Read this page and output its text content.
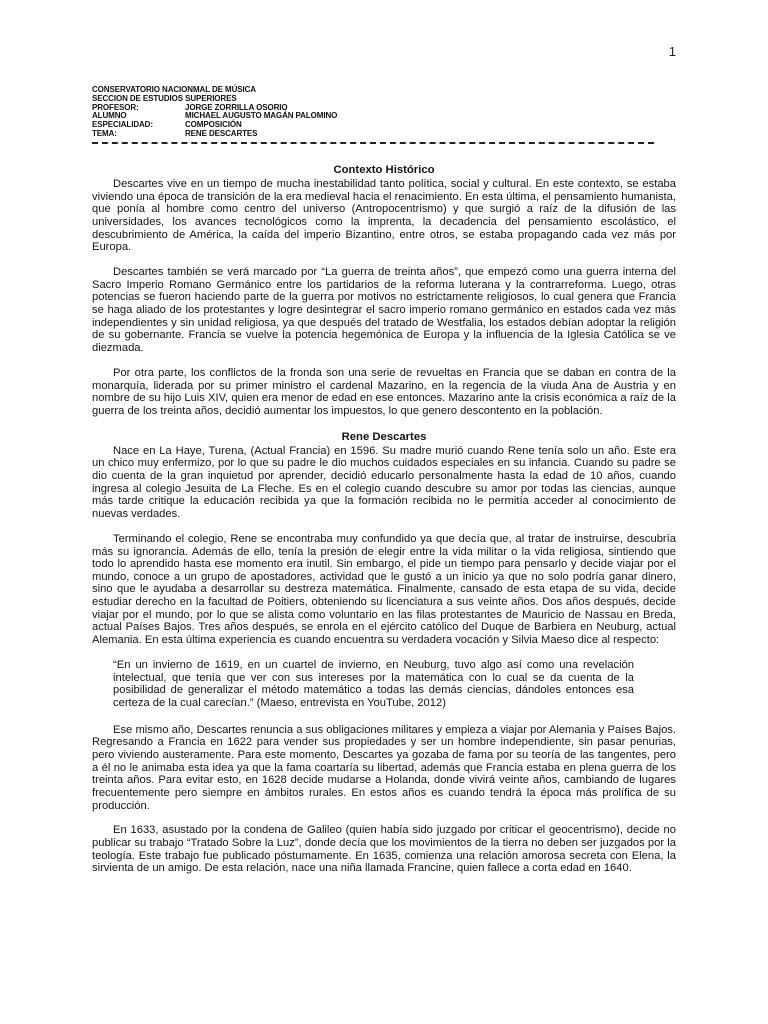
1
CONSERVATORIO NACIONMAL DE MÚSICA
SECCION DE ESTUDIOS SUPERIORES
PROFESOR:	JORGE ZORRILLA OSORIO
ALUMNO	MICHAEL AUGUSTO MAGÁN PALOMINO
ESPECIALIDAD:	COMPOSICIÓN
TEMA:	RENE DESCARTES
Contexto Histórico

Descartes vive en un tiempo de mucha inestabilidad tanto política, social y cultural. En este contexto, se estaba viviendo una época de transición de la era medieval hacia el renacimiento. En esta última, el pensamiento humanista, que ponía al hombre como centro del universo (Antropocentrismo) y que surgió a raíz de la difusión de las universidades, los avances tecnológicos como la imprenta, la decadencia del pensamiento escolástico, el descubrimiento de América, la caída del imperio Bizantino, entre otros, se estaba propagando cada vez más por Europa.

Descartes también se verá marcado por “La guerra de treinta años”, que empezó como una guerra interna del Sacro Imperio Romano Germánico entre los partidarios de la reforma luterana y la contrarreforma. Luego, otras potencias se fueron haciendo parte de la guerra por motivos no estrictamente religiosos, lo cual genera que Francia se haga aliado de los protestantes y logre desintegrar el sacro imperio romano germánico en estados cada vez más independientes y sin unidad religiosa, ya que después del tratado de Westfalia, los estados debían adoptar la religión de su gobernante. Francia se vuelve la potencia hegemónica de Europa y la influencia de la Iglesia Católica se ve diezmada.

Por otra parte, los conflictos de la fronda son una serie de revueltas en Francia que se daban en contra de la monarquía, liderada por su primer ministro el cardenal Mazarino, en la regencia de la viuda Ana de Austria y en nombre de su hijo Luis XIV, quien era menor de edad en ese entonces. Mazarino ante la crisis económica a raíz de la guerra de los treinta años, decidió aumentar los impuestos, lo que genero descontento en la población.

Rene Descartes

Nace en La Haye, Turena, (Actual Francia) en 1596. Su madre murió cuando Rene tenía solo un año. Este era un chico muy enfermizo, por lo que su padre le dio muchos cuidados especiales en su infancia. Cuando su padre se dio cuenta de la gran inquietud por aprender, decidió educarlo personalmente hasta la edad de 10 años, cuando ingresa al colegio Jesuita de La Fleche. Es en el colegio cuando descubre su amor por todas las ciencias, aunque más tarde critique la educación recibida ya que la formación recibida no le permitía acceder al conocimiento de nuevas verdades.

Terminando el colegio, Rene se encontraba muy confundido ya que decía que, al tratar de instruirse, descubría más su ignorancia. Además de ello, tenía la presión de elegir entre la vida militar o la vida religiosa, sintiendo que todo lo aprendido hasta ese momento era inutil. Sin embargo, el pide un tiempo para pensarlo y decide viajar por el mundo, conoce a un grupo de apostadores, actividad que le gustó a un inicio ya que no solo podría ganar dinero, sino que le ayudaba a desarrollar su destreza matemática. Finalmente, cansado de esta etapa de su vida, decide estudiar derecho en la facultad de Poitiers, obteniendo su licenciatura a sus veinte años. Dos años después, decide viajar por el mundo, por lo que se alista como voluntario en las filas protestantes de Mauricio de Nassau en Breda, actual Países Bajos. Tres años después, se enrola en el ejército católico del Duque de Barbiera en Neuburg, actual Alemania. En esta última experiencia es cuando encuentra su verdadera vocación y Silvia Maeso dice al respecto:

“En un invierno de 1619, en un cuartel de invierno, en Neuburg, tuvo algo así como una revelación intelectual, que tenía que ver con sus intereses por la matemática con lo cual se da cuenta de la posibilidad de generalizar el método matemático a todas las demás ciencias, dándoles entonces esa certeza de la cual carecían.” (Maeso, entrevista en YouTube, 2012)

Ese mismo año, Descartes renuncia a sus obligaciones militares y empieza a viajar por Alemania y Países Bajos. Regresando a Francia en 1622 para vender sus propiedades y ser un hombre independiente, sin pasar penurias, pero viviendo austeramente. Para este momento, Descartes ya gozaba de fama por su teoría de las tangentes, pero a él no le animaba esta idea ya que la fama coartaría su libertad, además que Francia estaba en plena guerra de los treinta años. Para evitar esto, en 1628 decide mudarse a Holanda, donde vivirá veinte años, cambiando de lugares frecuentemente pero siempre en ámbitos rurales. En estos años es cuando tendrá la época más prolífica de su producción.

En 1633, asustado por la condena de Galileo (quien había sido juzgado por criticar el geocentrismo), decide no publicar su trabajo “Tratado Sobre la Luz”, donde decía que los movimientos de la tierra no deben ser juzgados por la teología. Este trabajo fue publicado póstumamente. En 1635, comienza una relación amorosa secreta con Elena, la sirvienta de un amigo. De esta relación, nace una niña llamada Francine, quien fallece a corta edad en 1640.
